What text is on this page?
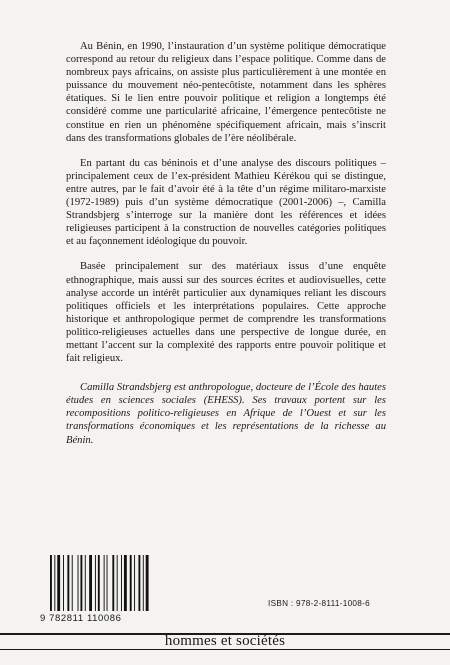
Au Bénin, en 1990, l’instauration d’un système politique démocratique correspond au retour du religieux dans l’espace politique. Comme dans de nombreux pays africains, on assiste plus particulièrement à une montée en puissance du mouvement néo-pentecôtiste, notamment dans les sphères étatiques. Si le lien entre pouvoir politique et religion a longtemps été considéré comme une particularité africaine, l’émergence pentecôtiste ne constitue en rien un phénomène spécifiquement africain, mais s’inscrit dans des transformations globales de l’ère néolibérale.

En partant du cas béninois et d’une analyse des discours politiques – principalement ceux de l’ex-président Mathieu Kérékou qui se distingue, entre autres, par le fait d’avoir été à la tête d’un régime militaro-marxiste (1972-1989) puis d’un système démocratique (2001-2006) –, Camilla Strandsbjerg s’interroge sur la manière dont les références et idées religieuses participent à la construction de nouvelles catégories politiques et au façonnement idéologique du pouvoir.

Basée principalement sur des matériaux issus d’une enquête ethnographique, mais aussi sur des sources écrites et audiovisuelles, cette analyse accorde un intérêt particulier aux dynamiques reliant les discours politiques officiels et les interprétations populaires. Cette approche historique et anthropologique permet de comprendre les transformations politico-religieuses actuelles dans une perspective de longue durée, en mettant l’accent sur la complexité des rapports entre pouvoir politique et fait religieux.

Camilla Strandsbjerg est anthropologue, docteure de l’École des hautes études en sciences sociales (EHESS). Ses travaux portent sur les recompositions politico-religieuses en Afrique de l’Ouest et sur les transformations économiques et les représentations de la richesse au Bénin.

9 782811 110086
ISBN : 978-2-8111-1008-6
hommes et sociétés
